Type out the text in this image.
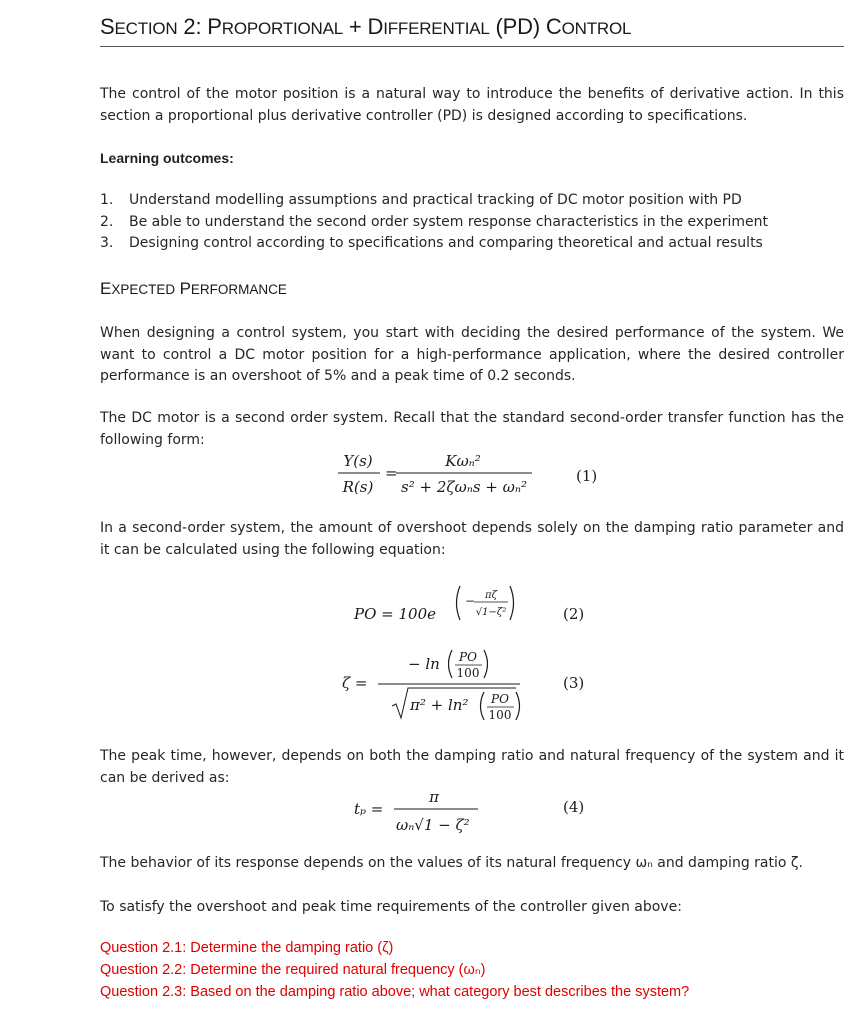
SECTION 2: PROPORTIONAL + DIFFERENTIAL (PD) CONTROL

The control of the motor position is a natural way to introduce the benefits of derivative action. In this section a proportional plus derivative controller (PD) is designed according to specifications.

Learning outcomes:
1. Understand modelling assumptions and practical tracking of DC motor position with PD
2. Be able to understand the second order system response characteristics in the experiment
3. Designing control according to specifications and comparing theoretical and actual results
EXPECTED PERFORMANCE

When designing a control system, you start with deciding the desired performance of the system. We want to control a DC motor position for a high-performance application, where the desired controller performance is an overshoot of 5% and a peak time of 0.2 seconds.

The DC motor is a second order system. Recall that the standard second-order transfer function has the following form:

Y(s)
R(s)
=
Kωₙ²
s² + 2ζωₙs + ωₙ²
(1)

In a second-order system, the amount of overshoot depends solely on the damping ratio parameter and it can be calculated using the following equation:

PO = 100e
− πζ
√1−ζ²	(2)
ζ =
− ln PO
100
π² + ln² PO
100
(3)

The peak time, however, depends on both the damping ratio and natural frequency of the system and it can be derived as:

tₚ =
π
ωₙ√1 − ζ²
(4)

The behavior of its response depends on the values of its natural frequency ωₙ and damping ratio ζ.

To satisfy the overshoot and peak time requirements of the controller given above:

Question 2.1: Determine the damping ratio (ζ)
Question 2.2: Determine the required natural frequency (ωₙ)
Question 2.3: Based on the damping ratio above; what category best describes the system?
